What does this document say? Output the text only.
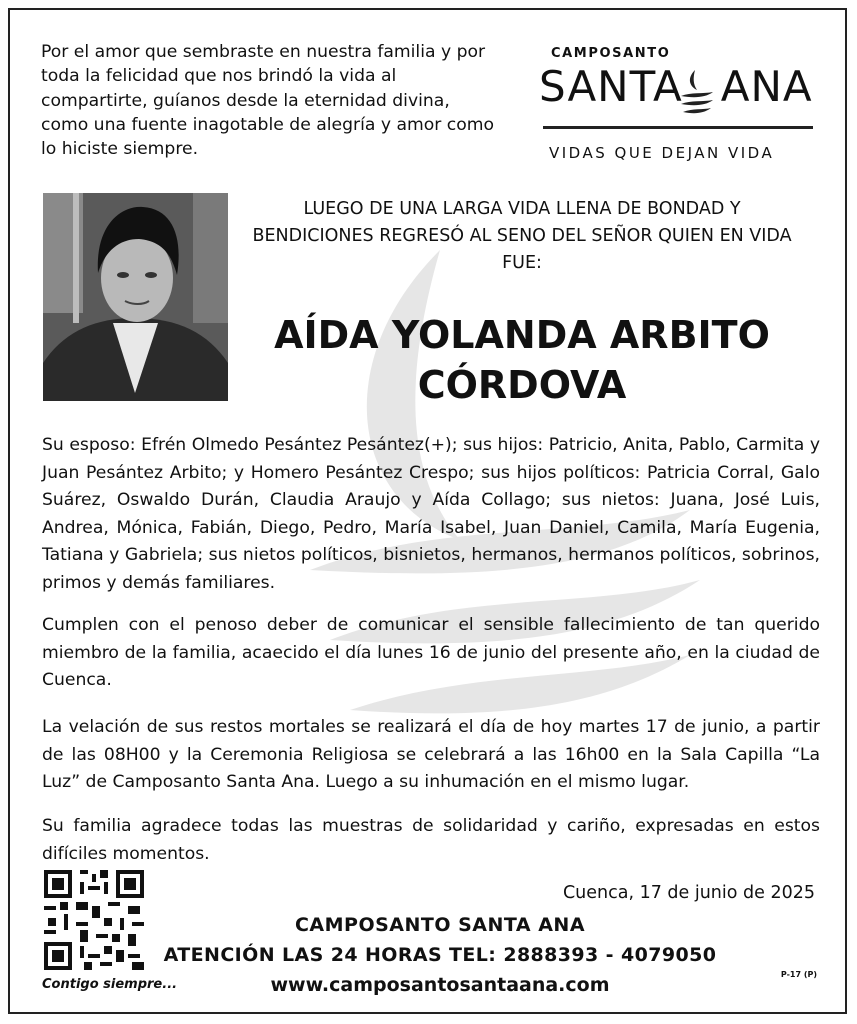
Por el amor que sembraste en nuestra familia y por toda la felicidad que nos brindó la vida al compartirte, guíanos desde la eternidad divina, como una fuente inagotable de alegría y amor como lo hiciste siempre.
CAMPOSANTO
SANTA ANA
VIDAS QUE DEJAN VIDA
LUEGO DE UNA LARGA VIDA LLENA DE BONDAD Y BENDICIONES REGRESÓ AL SENO DEL SEÑOR QUIEN EN VIDA FUE:
AÍDA YOLANDA ARBITO
CÓRDOVA
Su esposo: Efrén Olmedo Pesántez Pesántez(+); sus hijos: Patricio, Anita, Pablo, Carmita y Juan Pesántez Arbito; y Homero Pesántez Crespo; sus hijos políticos: Patricia Corral, Galo Suárez, Oswaldo Durán, Claudia Araujo y Aída Collago; sus nietos: Juana, José Luis, Andrea, Mónica, Fabián, Diego, Pedro, María Isabel, Juan Daniel, Camila, María Eugenia, Tatiana y Gabriela; sus nietos políticos, bisnietos, hermanos, hermanos políticos, sobrinos, primos y demás familiares.
Cumplen con el penoso deber de comunicar el sensible fallecimiento de tan querido miembro de la familia, acaecido el día lunes 16 de junio del presente año, en la ciudad de Cuenca.
La velación de sus restos mortales se realizará el día de hoy martes 17 de junio, a partir de las 08H00 y la Ceremonia Religiosa se celebrará a las 16h00 en la Sala Capilla “La Luz” de Camposanto Santa Ana. Luego a su inhumación en el mismo lugar.
Su familia agradece todas las muestras de solidaridad y cariño, expresadas en estos difíciles momentos.
Contigo siempre...
Cuenca, 17 de junio de 2025
CAMPOSANTO SANTA ANA
ATENCIÓN LAS 24 HORAS TEL: 2888393 - 4079050
www.camposantosantaana.com	P-17 (P)
